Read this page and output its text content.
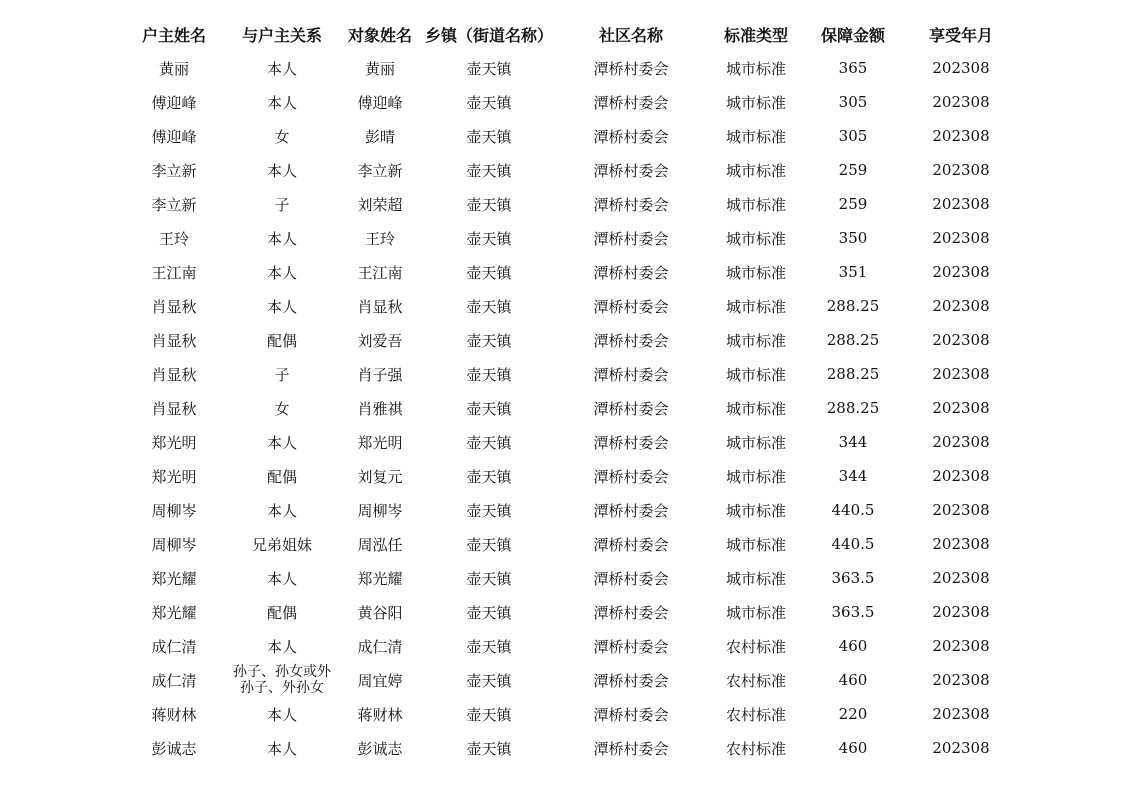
户主姓名	与户主关系	对象姓名	乡镇（街道名称）	社区名称	标准类型	保障金额	享受年月
黄丽	本人	黄丽	壶天镇	潭桥村委会	城市标准	365	202308
傅迎峰	本人	傅迎峰	壶天镇	潭桥村委会	城市标准	305	202308
傅迎峰	女	彭晴	壶天镇	潭桥村委会	城市标准	305	202308
李立新	本人	李立新	壶天镇	潭桥村委会	城市标准	259	202308
李立新	子	刘荣超	壶天镇	潭桥村委会	城市标准	259	202308
王玲	本人	王玲	壶天镇	潭桥村委会	城市标准	350	202308
王江南	本人	王江南	壶天镇	潭桥村委会	城市标准	351	202308
肖显秋	本人	肖显秋	壶天镇	潭桥村委会	城市标准	288.25	202308
肖显秋	配偶	刘爱吾	壶天镇	潭桥村委会	城市标准	288.25	202308
肖显秋	子	肖子强	壶天镇	潭桥村委会	城市标准	288.25	202308
肖显秋	女	肖雅祺	壶天镇	潭桥村委会	城市标准	288.25	202308
郑光明	本人	郑光明	壶天镇	潭桥村委会	城市标准	344	202308
郑光明	配偶	刘复元	壶天镇	潭桥村委会	城市标准	344	202308
周柳岑	本人	周柳岑	壶天镇	潭桥村委会	城市标准	440.5	202308
周柳岑	兄弟姐妹	周泓任	壶天镇	潭桥村委会	城市标准	440.5	202308
郑光耀	本人	郑光耀	壶天镇	潭桥村委会	城市标准	363.5	202308
郑光耀	配偶	黄谷阳	壶天镇	潭桥村委会	城市标准	363.5	202308
成仁清	本人	成仁清	壶天镇	潭桥村委会	农村标准	460	202308
成仁清	孙子、孙女或外孙子、外孙女	周宜婷	壶天镇	潭桥村委会	农村标准	460	202308
蒋财林	本人	蒋财林	壶天镇	潭桥村委会	农村标准	220	202308
彭诚志	本人	彭诚志	壶天镇	潭桥村委会	农村标准	460	202308
